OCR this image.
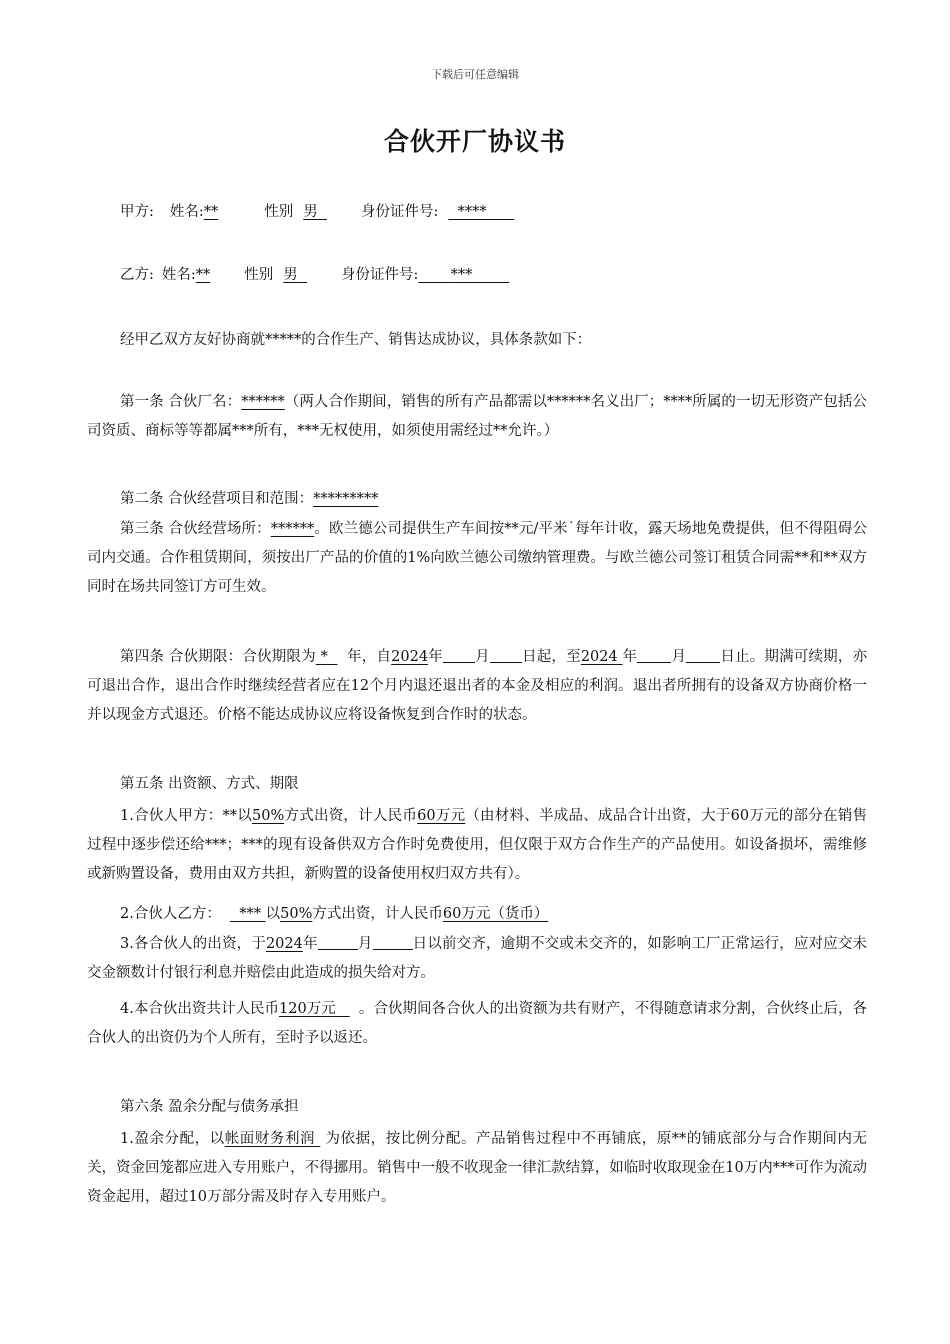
下载后可任意编辑
合伙开厂协议书
甲方: 姓名:**	性别 男	身份证件号: ****
乙方: 姓名:** 性别 男	身份证件号: ***
经甲乙双方友好协商就*****的合作生产、销售达成协议，具体条款如下：
第一条 合伙厂名：******（两人合作期间，销售的所有产品都需以******名义出厂；****所属的一切无形资产包括公司资质、商标等等都属***所有，***无权使用，如须使用需经过**允许。）
第二条 合伙经营项目和范围：*********
第三条 合伙经营场所：******。欧兰德公司提供生产车间按**元/平米˙每年计收，露天场地免费提供，但不得阻碍公司内交通。合作租赁期间，须按出厂产品的价值的1%向欧兰德公司缴纳管理费。与欧兰德公司签订租赁合同需**和**双方同时在场共同签订方可生效。
第四条 合伙期限：合伙期限为 * 年，自2024年 月 日起，至2024 年 月 日止。期满可续期，亦可退出合作，退出合作时继续经营者应在12个月内退还退出者的本金及相应的利润。退出者所拥有的设备双方协商价格一并以现金方式退还。价格不能达成协议应将设备恢复到合作时的状态。
第五条 出资额、方式、期限
1.合伙人甲方：**以50%方式出资，计人民币60万元（由材料、半成品、成品合计出资，大于60万元的部分在销售过程中逐步偿还给***；***的现有设备供双方合作时免费使用，但仅限于双方合作生产的产品使用。如设备损坏，需维修或新购置设备，费用由双方共担，新购置的设备使用权归双方共有）。
2.合伙人乙方： *** 以50%方式出资，计人民币60万元（货币）
3.各合伙人的出资，于2024年	月	日以前交齐，逾期不交或未交齐的，如影响工厂正常运行，应对应交未交金额数计付银行利息并赔偿由此造成的损失给对方。
4.本合伙出资共计人民币120万元 。合伙期间各合伙人的出资额为共有财产，不得随意请求分割，合伙终止后，各合伙人的出资仍为个人所有，至时予以返还。
第六条 盈余分配与债务承担
1.盈余分配，以帐面财务利润 为依据，按比例分配。产品销售过程中不再铺底，原**的铺底部分与合作期间内无关，资金回笼都应进入专用账户，不得挪用。销售中一般不收现金一律汇款结算，如临时收取现金在10万内***可作为流动资金起用，超过10万部分需及时存入专用账户。
